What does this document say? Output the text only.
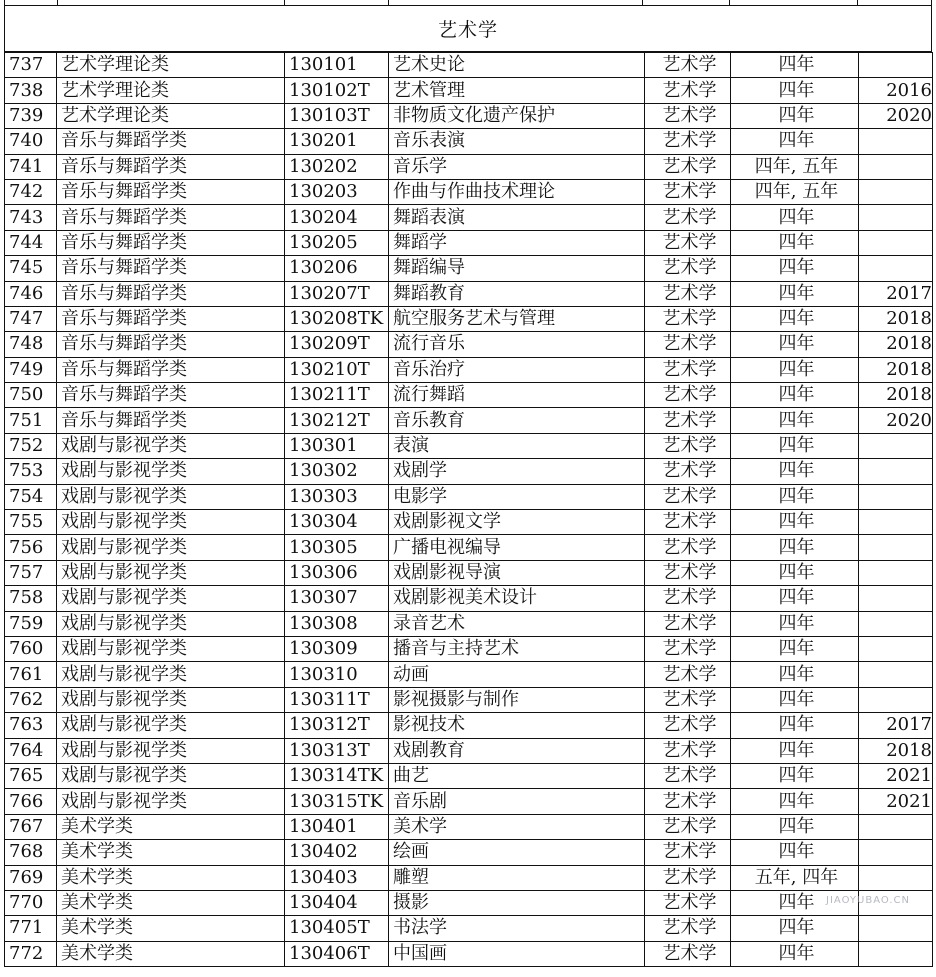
艺术学
737	艺术学理论类	130101	艺术史论	艺术学	四年	
738	艺术学理论类	130102T	艺术管理	艺术学	四年	2016
739	艺术学理论类	130103T	非物质文化遗产保护	艺术学	四年	2020
740	音乐与舞蹈学类	130201	音乐表演	艺术学	四年	
741	音乐与舞蹈学类	130202	音乐学	艺术学	四年, 五年	
742	音乐与舞蹈学类	130203	作曲与作曲技术理论	艺术学	四年, 五年	
743	音乐与舞蹈学类	130204	舞蹈表演	艺术学	四年	
744	音乐与舞蹈学类	130205	舞蹈学	艺术学	四年	
745	音乐与舞蹈学类	130206	舞蹈编导	艺术学	四年	
746	音乐与舞蹈学类	130207T	舞蹈教育	艺术学	四年	2017
747	音乐与舞蹈学类	130208TK	航空服务艺术与管理	艺术学	四年	2018
748	音乐与舞蹈学类	130209T	流行音乐	艺术学	四年	2018
749	音乐与舞蹈学类	130210T	音乐治疗	艺术学	四年	2018
750	音乐与舞蹈学类	130211T	流行舞蹈	艺术学	四年	2018
751	音乐与舞蹈学类	130212T	音乐教育	艺术学	四年	2020
752	戏剧与影视学类	130301	表演	艺术学	四年	
753	戏剧与影视学类	130302	戏剧学	艺术学	四年	
754	戏剧与影视学类	130303	电影学	艺术学	四年	
755	戏剧与影视学类	130304	戏剧影视文学	艺术学	四年	
756	戏剧与影视学类	130305	广播电视编导	艺术学	四年	
757	戏剧与影视学类	130306	戏剧影视导演	艺术学	四年	
758	戏剧与影视学类	130307	戏剧影视美术设计	艺术学	四年	
759	戏剧与影视学类	130308	录音艺术	艺术学	四年	
760	戏剧与影视学类	130309	播音与主持艺术	艺术学	四年	
761	戏剧与影视学类	130310	动画	艺术学	四年	
762	戏剧与影视学类	130311T	影视摄影与制作	艺术学	四年	
763	戏剧与影视学类	130312T	影视技术	艺术学	四年	2017
764	戏剧与影视学类	130313T	戏剧教育	艺术学	四年	2018
765	戏剧与影视学类	130314TK	曲艺	艺术学	四年	2021
766	戏剧与影视学类	130315TK	音乐剧	艺术学	四年	2021
767	美术学类	130401	美术学	艺术学	四年	
768	美术学类	130402	绘画	艺术学	四年	
769	美术学类	130403	雕塑	艺术学	五年, 四年	
770	美术学类	130404	摄影	艺术学	四年	
771	美术学类	130405T	书法学	艺术学	四年	
772	美术学类	130406T	中国画	艺术学	四年	
JIAOYUBAO.CN
